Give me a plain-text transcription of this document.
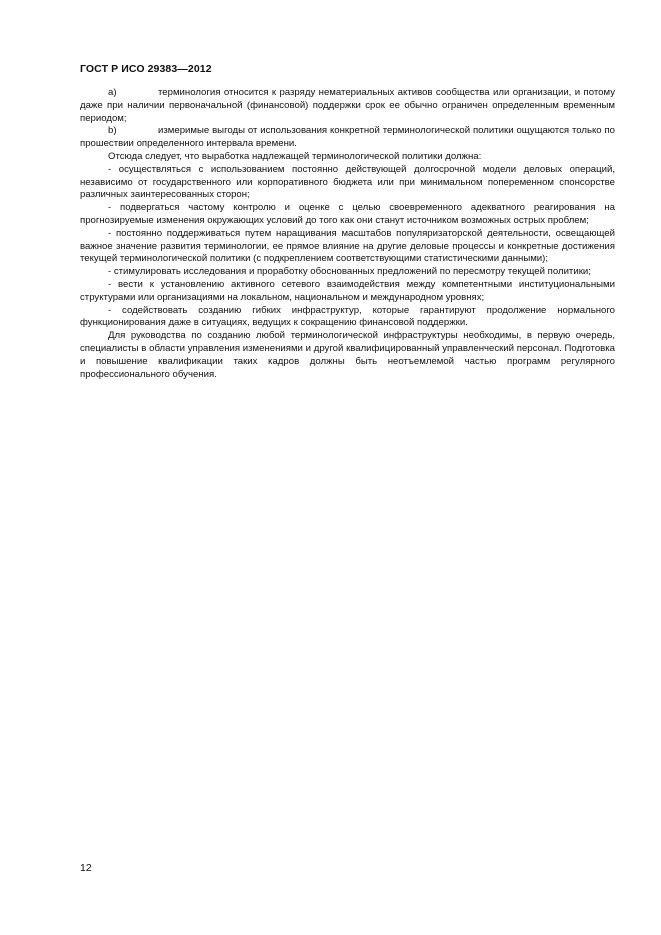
ГОСТ Р ИСО 29383—2012

а)	терминология относится к разряду нематериальных активов сообщества или организации, и потому даже при наличии первоначальной (финансовой) поддержки срок ее обычно ограничен определенным временным периодом;

b)	измеримые выгоды от использования конкретной терминологической политики ощущаются только по прошествии определенного интервала времени.

Отсюда следует, что выработка надлежащей терминологической политики должна:

- осуществляться с использованием постоянно действующей долгосрочной модели деловых операций, независимо от государственного или корпоративного бюджета или при минимальном попеременном спонсорстве различных заинтересованных сторон;

- подвергаться частому контролю и оценке с целью своевременного адекватного реагирования на прогнозируемые изменения окружающих условий до того как они станут источником возможных острых проблем;

- постоянно поддерживаться путем наращивания масштабов популяризаторской деятельности, освещающей важное значение развития терминологии, ее прямое влияние на другие деловые процессы и конкретные достижения текущей терминологической политики (с подкреплением соответствующими статистическими данными);

- стимулировать исследования и проработку обоснованных предложений по пересмотру текущей политики;

- вести к установлению активного сетевого взаимодействия между компетентными институциональными структурами или организациями на локальном, национальном и международном уровнях;

- содействовать созданию гибких инфраструктур, которые гарантируют продолжение нормального функционирования даже в ситуациях, ведущих к сокращению финансовой поддержки.

Для руководства по созданию любой терминологической инфраструктуры необходимы, в первую очередь, специалисты в области управления изменениями и другой квалифицированный управленческий персонал. Подготовка и повышение квалификации таких кадров должны быть неотъемлемой частью программ регулярного профессионального обучения.

12
